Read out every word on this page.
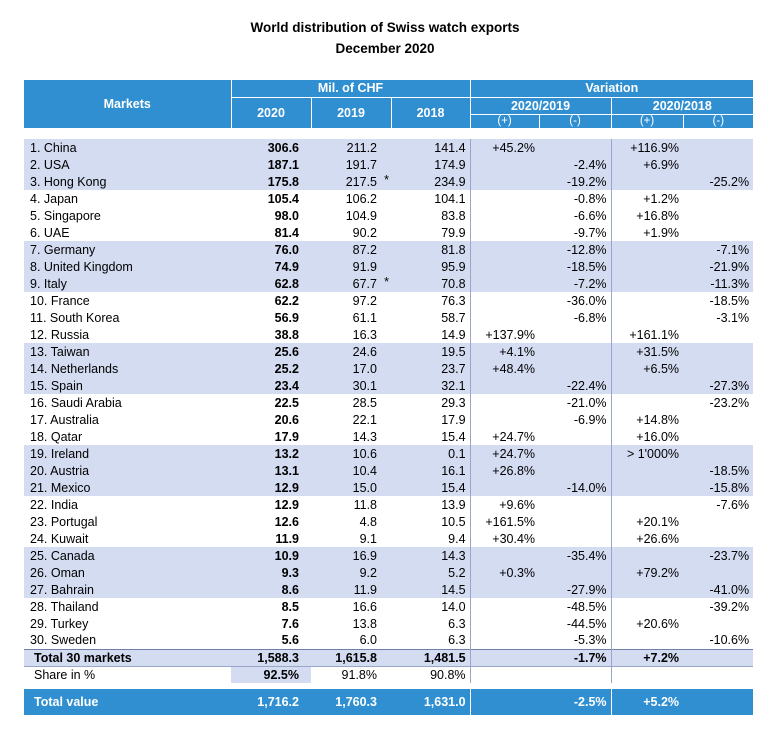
World distribution of Swiss watch exports
December 2020
Markets	Mil. of CHF			Variation			
	2020	2019	2018	2020/2019		2020/2018	
				(+)	(-)	(+)	(-)

1. China	306.6	211.2	141.4	+45.2%		+116.9%	
2. USA	187.1	191.7	174.9		-2.4%	+6.9%	
3. Hong Kong	175.8	217.5 *	234.9		-19.2%		-25.2%
4. Japan	105.4	106.2	104.1		-0.8%	+1.2%	
5. Singapore	98.0	104.9	83.8		-6.6%	+16.8%	
6. UAE	81.4	90.2	79.9		-9.7%	+1.9%	
7. Germany	76.0	87.2	81.8		-12.8%		-7.1%
8. United Kingdom	74.9	91.9	95.9		-18.5%		-21.9%
9. Italy	62.8	67.7 *	70.8		-7.2%		-11.3%
10. France	62.2	97.2	76.3		-36.0%		-18.5%
11. South Korea	56.9	61.1	58.7		-6.8%		-3.1%
12. Russia	38.8	16.3	14.9	+137.9%		+161.1%	
13. Taiwan	25.6	24.6	19.5	+4.1%		+31.5%	
14. Netherlands	25.2	17.0	23.7	+48.4%		+6.5%	
15. Spain	23.4	30.1	32.1		-22.4%		-27.3%
16. Saudi Arabia	22.5	28.5	29.3		-21.0%		-23.2%
17. Australia	20.6	22.1	17.9		-6.9%	+14.8%	
18. Qatar	17.9	14.3	15.4	+24.7%		+16.0%	
19. Ireland	13.2	10.6	0.1	+24.7%		> 1'000%	
20. Austria	13.1	10.4	16.1	+26.8%			-18.5%
21. Mexico	12.9	15.0	15.4		-14.0%		-15.8%
22. India	12.9	11.8	13.9	+9.6%			-7.6%
23. Portugal	12.6	4.8	10.5	+161.5%		+20.1%	
24. Kuwait	11.9	9.1	9.4	+30.4%		+26.6%	
25. Canada	10.9	16.9	14.3		-35.4%		-23.7%
26. Oman	9.3	9.2	5.2	+0.3%		+79.2%	
27. Bahrain	8.6	11.9	14.5		-27.9%		-41.0%
28. Thailand	8.5	16.6	14.0		-48.5%		-39.2%
29. Turkey	7.6	13.8	6.3		-44.5%	+20.6%	
30. Sweden	5.6	6.0	6.3		-5.3%		-10.6%
Total 30 markets	1,588.3	1,615.8	1,481.5		-1.7%	+7.2%	
Share in %	92.5%	91.8%	90.8%				

Total value	1,716.2	1,760.3	1,631.0		-2.5%	+5.2%	
